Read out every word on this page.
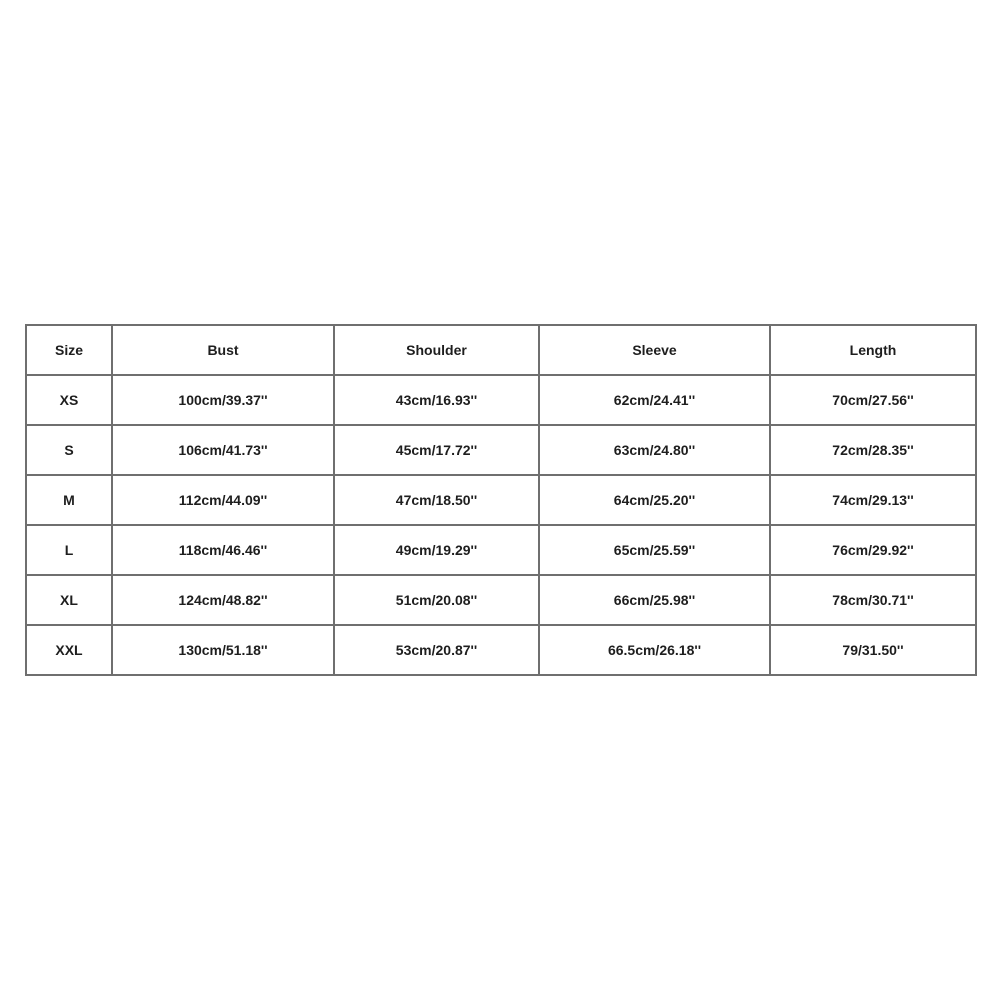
Size	Bust	Shoulder	Sleeve	Length
XS	100cm/39.37''	43cm/16.93''	62cm/24.41''	70cm/27.56''
S	106cm/41.73''	45cm/17.72''	63cm/24.80''	72cm/28.35''
M	112cm/44.09''	47cm/18.50''	64cm/25.20''	74cm/29.13''
L	118cm/46.46''	49cm/19.29''	65cm/25.59''	76cm/29.92''
XL	124cm/48.82''	51cm/20.08''	66cm/25.98''	78cm/30.71''
XXL	130cm/51.18''	53cm/20.87''	66.5cm/26.18''	79/31.50''
